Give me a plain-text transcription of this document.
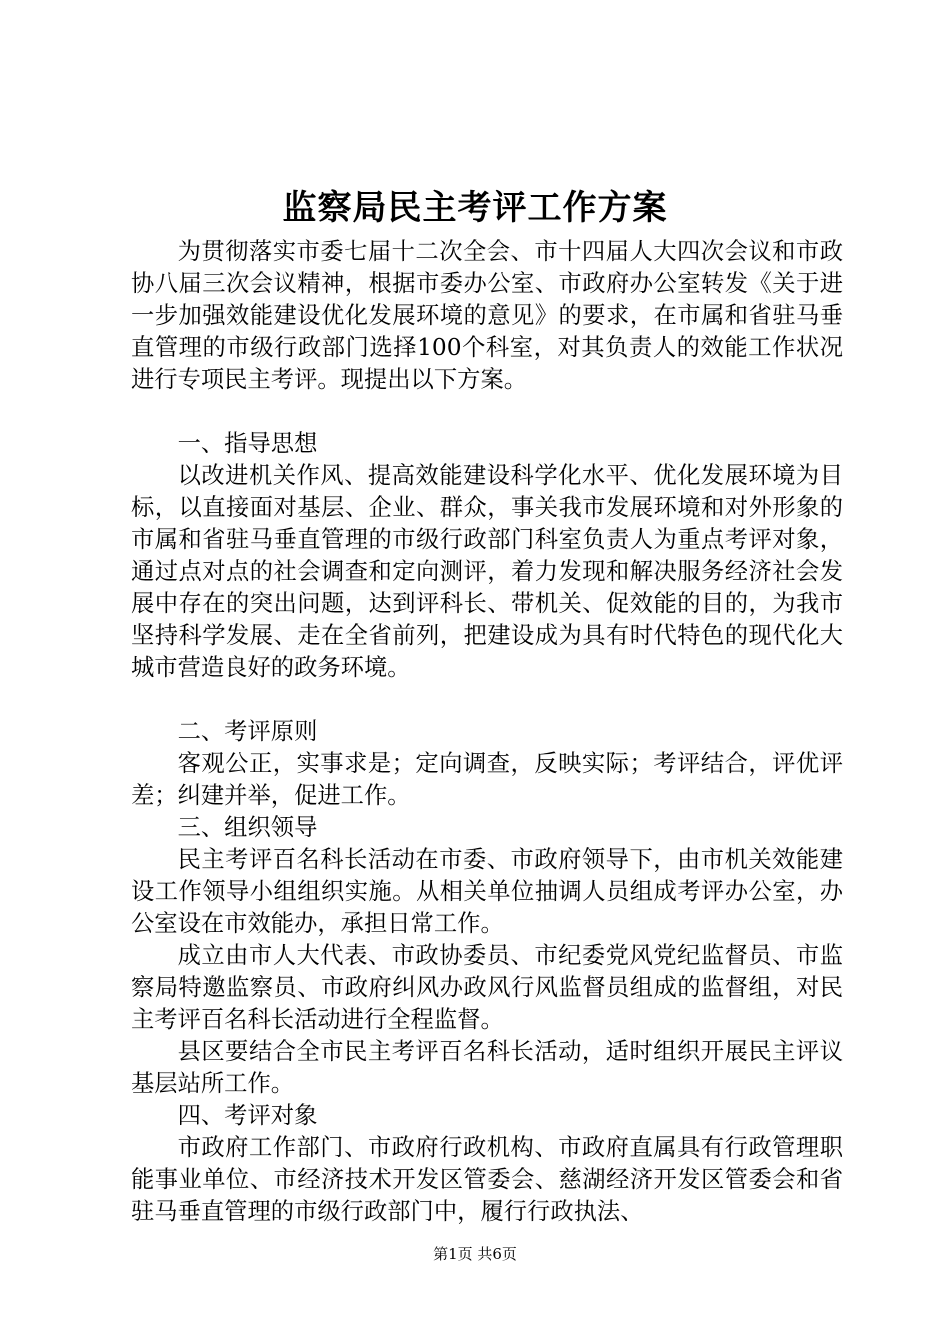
监察局民主考评工作方案

为贯彻落实市委七届十二次全会、市十四届人大四次会议和市政协八届三次会议精神，根据市委办公室、市政府办公室转发《关于进一步加强效能建设优化发展环境的意见》的要求，在市属和省驻马垂直管理的市级行政部门选择100个科室，对其负责人的效能工作状况进行专项民主考评。现提出以下方案。

一、指导思想

以改进机关作风、提高效能建设科学化水平、优化发展环境为目标，以直接面对基层、企业、群众，事关我市发展环境和对外形象的市属和省驻马垂直管理的市级行政部门科室负责人为重点考评对象，通过点对点的社会调查和定向测评，着力发现和解决服务经济社会发展中存在的突出问题，达到评科长、带机关、促效能的目的，为我市坚持科学发展、走在全省前列，把建设成为具有时代特色的现代化大城市营造良好的政务环境。

二、考评原则

客观公正，实事求是；定向调查，反映实际；考评结合，评优评差；纠建并举，促进工作。

三、组织领导

民主考评百名科长活动在市委、市政府领导下，由市机关效能建设工作领导小组组织实施。从相关单位抽调人员组成考评办公室，办公室设在市效能办，承担日常工作。

成立由市人大代表、市政协委员、市纪委党风党纪监督员、市监察局特邀监察员、市政府纠风办政风行风监督员组成的监督组，对民主考评百名科长活动进行全程监督。

县区要结合全市民主考评百名科长活动，适时组织开展民主评议基层站所工作。

四、考评对象

市政府工作部门、市政府行政机构、市政府直属具有行政管理职能事业单位、市经济技术开发区管委会、慈湖经济开发区管委会和省驻马垂直管理的市级行政部门中，履行行政执法、

第1页 共6页
